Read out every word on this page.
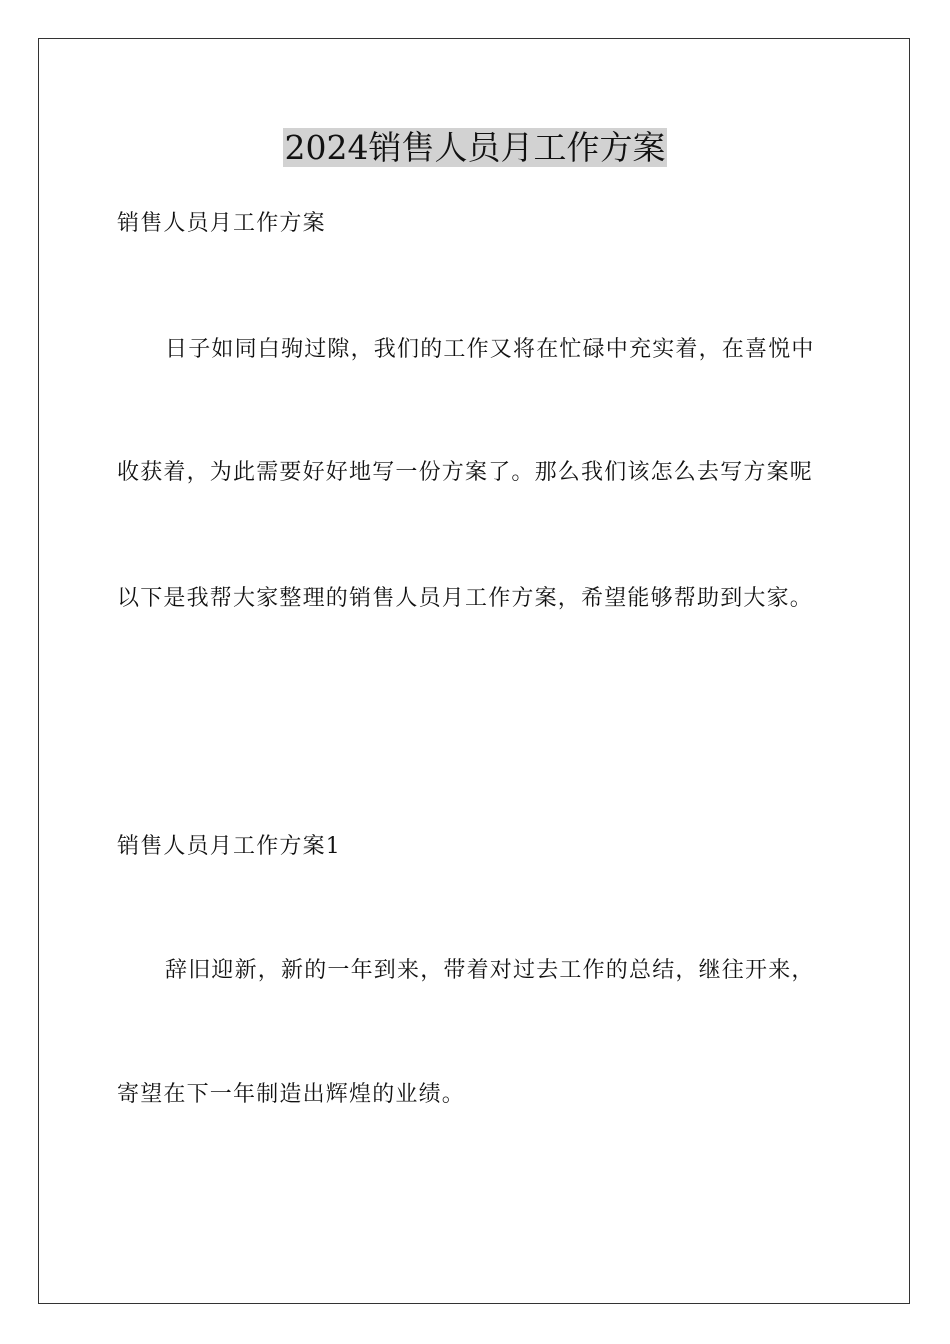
2024销售人员月工作方案
销售人员月工作方案
日子如同白驹过隙，我们的工作又将在忙碌中充实着，在喜悦中
收获着，为此需要好好地写一份方案了。那么我们该怎么去写方案呢
以下是我帮大家整理的销售人员月工作方案，希望能够帮助到大家。
销售人员月工作方案1
辞旧迎新，新的一年到来，带着对过去工作的总结，继往开来，
寄望在下一年制造出辉煌的业绩。
